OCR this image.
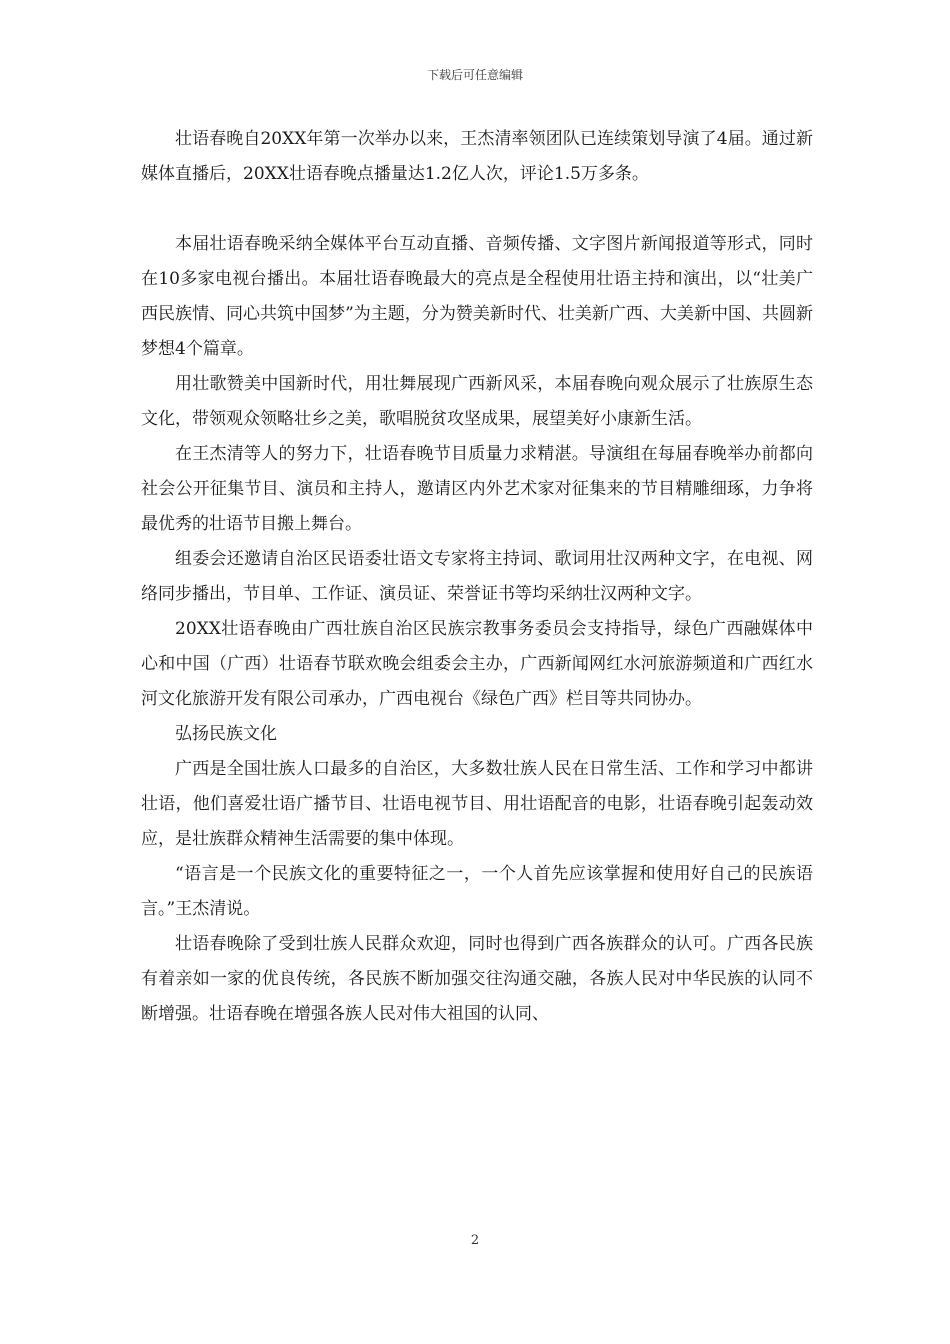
下载后可任意编辑

壮语春晚自20XX年第一次举办以来，王杰清率领团队已连续策划导演了4届。通过新媒体直播后，20XX壮语春晚点播量达1.2亿人次，评论1.5万多条。

本届壮语春晚采纳全媒体平台互动直播、音频传播、文字图片新闻报道等形式，同时在10多家电视台播出。本届壮语春晚最大的亮点是全程使用壮语主持和演出，以“壮美广西民族情、同心共筑中国梦”为主题，分为赞美新时代、壮美新广西、大美新中国、共圆新梦想4个篇章。

用壮歌赞美中国新时代，用壮舞展现广西新风采，本届春晚向观众展示了壮族原生态文化，带领观众领略壮乡之美，歌唱脱贫攻坚成果，展望美好小康新生活。

在王杰清等人的努力下，壮语春晚节目质量力求精湛。导演组在每届春晚举办前都向社会公开征集节目、演员和主持人，邀请区内外艺术家对征集来的节目精雕细琢，力争将最优秀的壮语节目搬上舞台。

组委会还邀请自治区民语委壮语文专家将主持词、歌词用壮汉两种文字，在电视、网络同步播出，节目单、工作证、演员证、荣誉证书等均采纳壮汉两种文字。

20XX壮语春晚由广西壮族自治区民族宗教事务委员会支持指导，绿色广西融媒体中心和中国（广西）壮语春节联欢晚会组委会主办，广西新闻网红水河旅游频道和广西红水河文化旅游开发有限公司承办，广西电视台《绿色广西》栏目等共同协办。

弘扬民族文化

广西是全国壮族人口最多的自治区，大多数壮族人民在日常生活、工作和学习中都讲壮语，他们喜爱壮语广播节目、壮语电视节目、用壮语配音的电影，壮语春晚引起轰动效应，是壮族群众精神生活需要的集中体现。

“语言是一个民族文化的重要特征之一，一个人首先应该掌握和使用好自己的民族语言。”王杰清说。

壮语春晚除了受到壮族人民群众欢迎，同时也得到广西各族群众的认可。广西各民族有着亲如一家的优良传统，各民族不断加强交往沟通交融，各族人民对中华民族的认同不断增强。壮语春晚在增强各族人民对伟大祖国的认同、

2
